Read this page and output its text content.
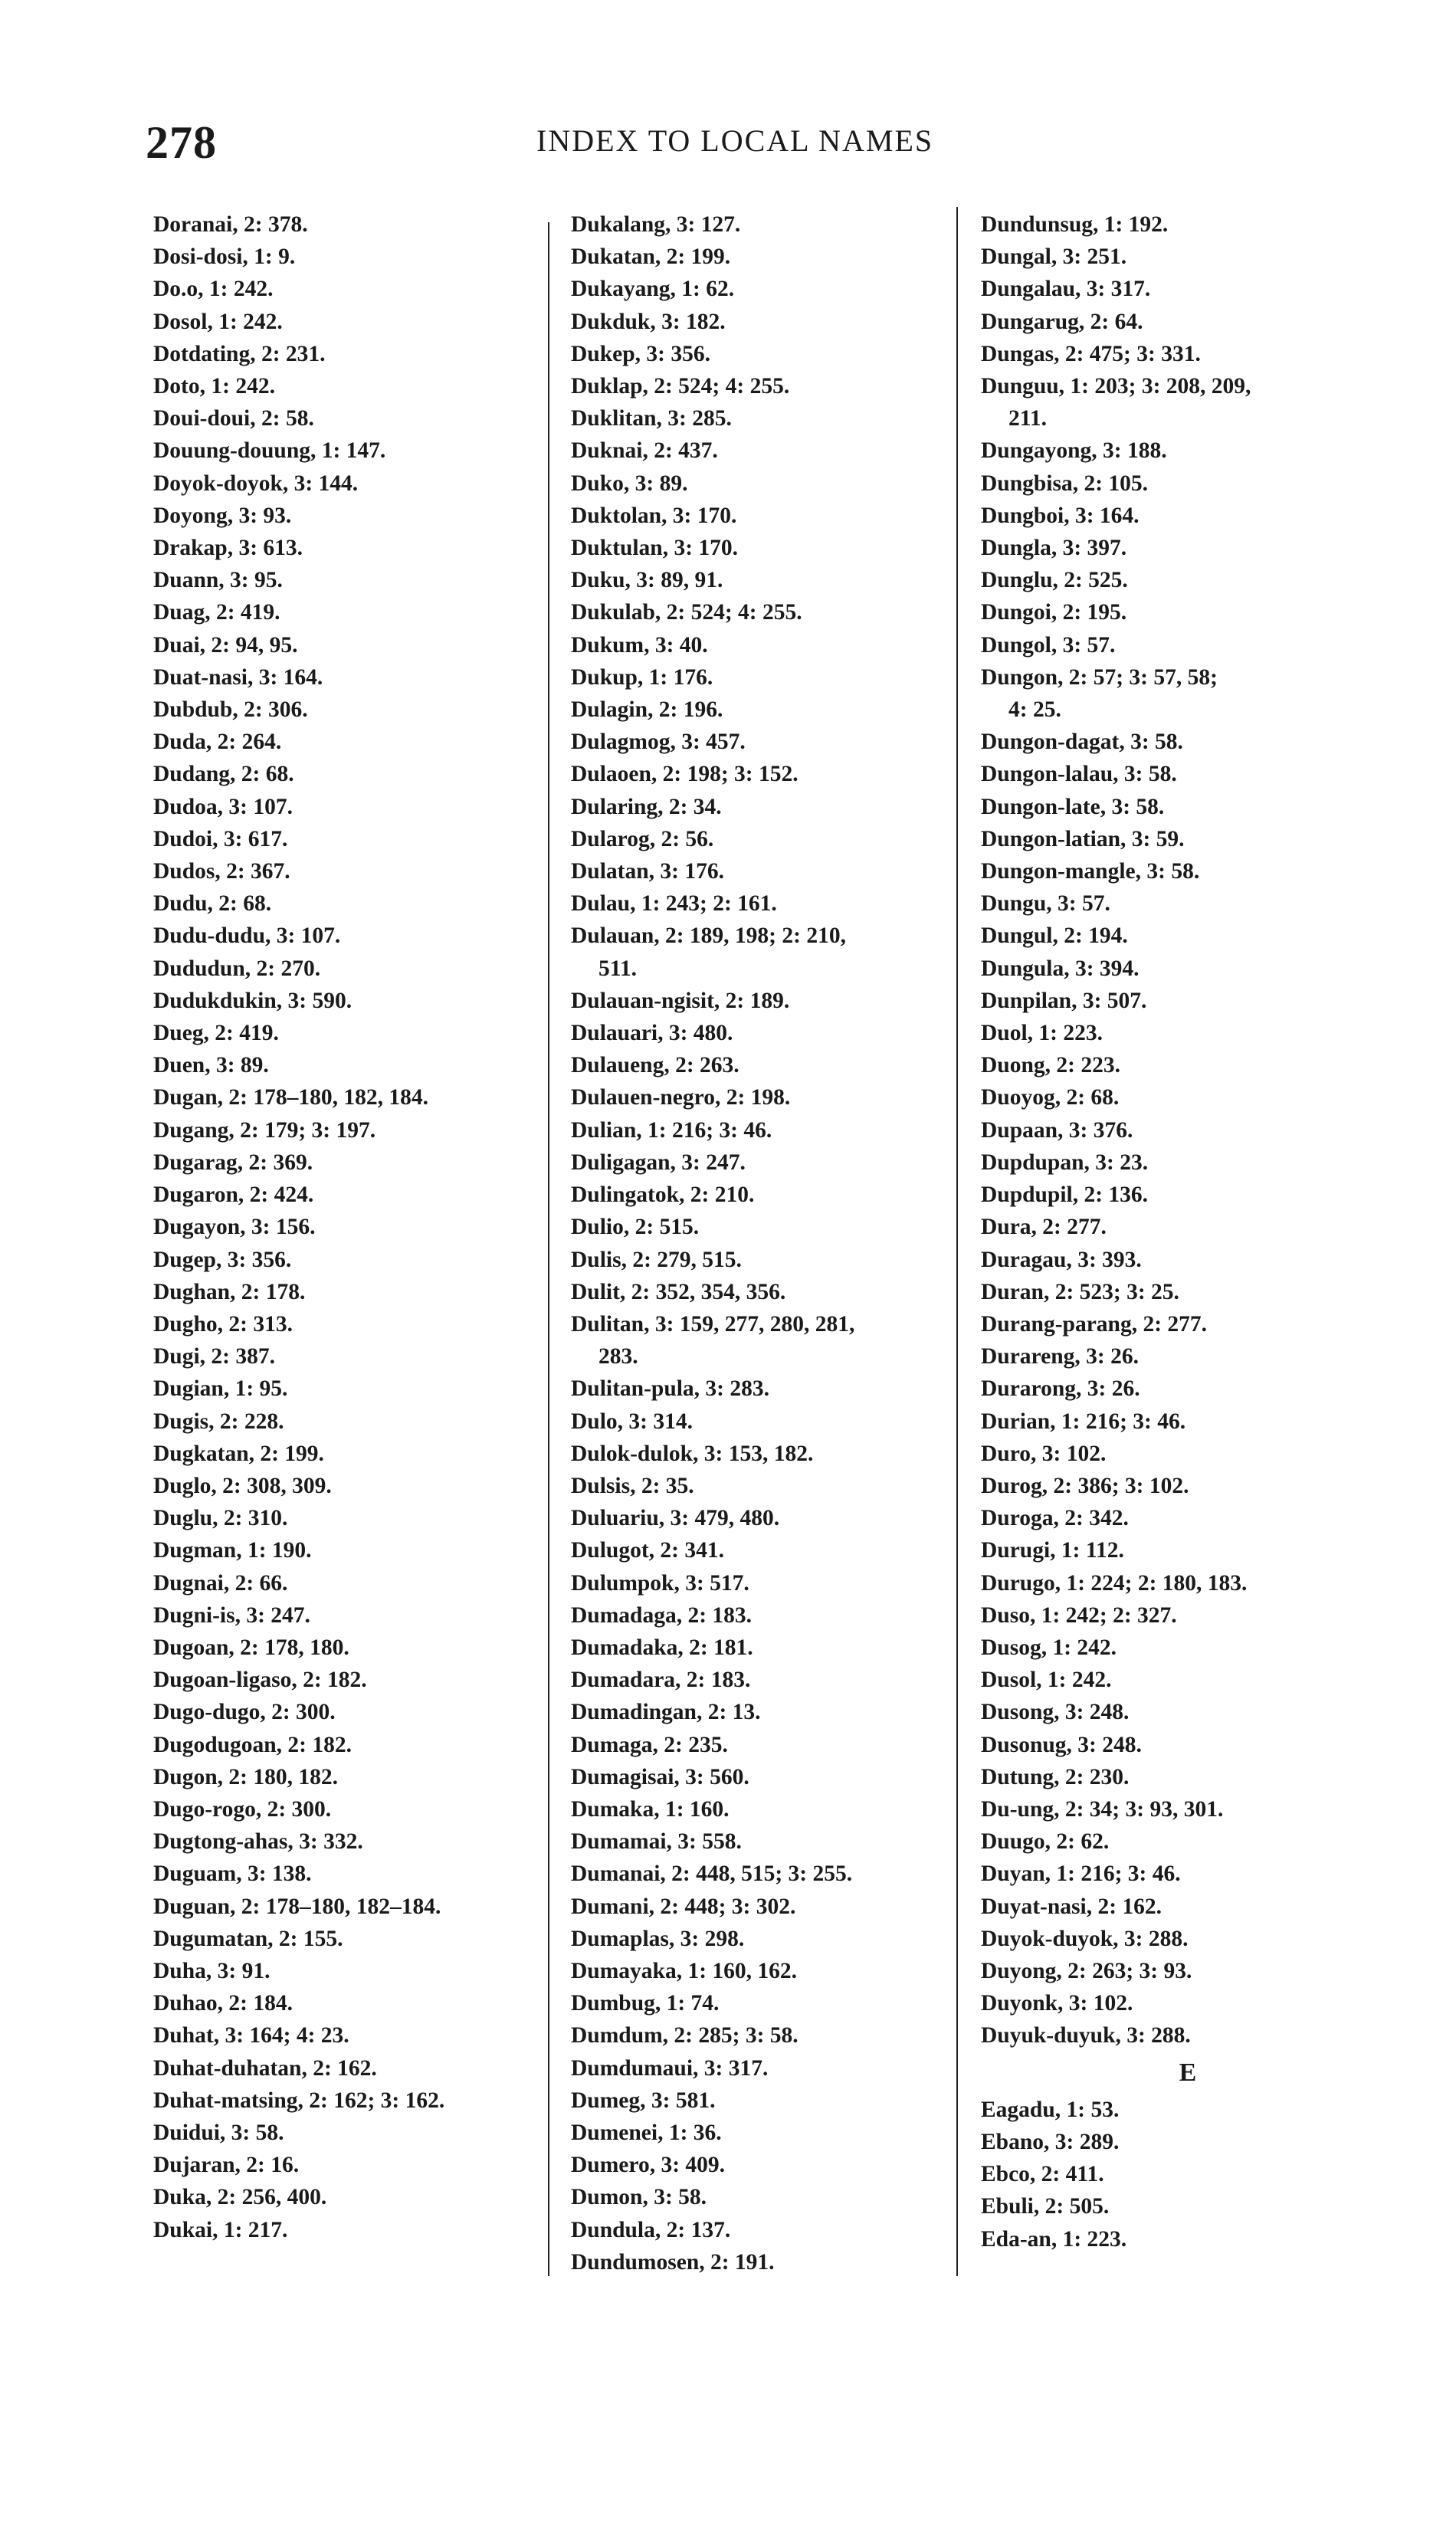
278	INDEX TO LOCAL NAMES
Doranai, 2: 378.
Dosi-dosi, 1: 9.
Do.o, 1: 242.
Dosol, 1: 242.
Dotdating, 2: 231.
Doto, 1: 242.
Doui-doui, 2: 58.
Douung-douung, 1: 147.
Doyok-doyok, 3: 144.
Doyong, 3: 93.
Drakap, 3: 613.
Duann, 3: 95.
Duag, 2: 419.
Duai, 2: 94, 95.
Duat-nasi, 3: 164.
Dubdub, 2: 306.
Duda, 2: 264.
Dudang, 2: 68.
Dudoa, 3: 107.
Dudoi, 3: 617.
Dudos, 2: 367.
Dudu, 2: 68.
Dudu-dudu, 3: 107.
Dududun, 2: 270.
Dudukdukin, 3: 590.
Dueg, 2: 419.
Duen, 3: 89.
Dugan, 2: 178–180, 182, 184.
Dugang, 2: 179; 3: 197.
Dugarag, 2: 369.
Dugaron, 2: 424.
Dugayon, 3: 156.
Dugep, 3: 356.
Dughan, 2: 178.
Dugho, 2: 313.
Dugi, 2: 387.
Dugian, 1: 95.
Dugis, 2: 228.
Dugkatan, 2: 199.
Duglo, 2: 308, 309.
Duglu, 2: 310.
Dugman, 1: 190.
Dugnai, 2: 66.
Dugni-is, 3: 247.
Dugoan, 2: 178, 180.
Dugoan-ligaso, 2: 182.
Dugo-dugo, 2: 300.
Dugodugoan, 2: 182.
Dugon, 2: 180, 182.
Dugo-rogo, 2: 300.
Dugtong-ahas, 3: 332.
Duguam, 3: 138.
Duguan, 2: 178–180, 182–184.
Dugumatan, 2: 155.
Duha, 3: 91.
Duhao, 2: 184.
Duhat, 3: 164; 4: 23.
Duhat-duhatan, 2: 162.
Duhat-matsing, 2: 162; 3: 162.
Duidui, 3: 58.
Dujaran, 2: 16.
Duka, 2: 256, 400.
Dukai, 1: 217.
Dukalang, 3: 127.
Dukatan, 2: 199.
Dukayang, 1: 62.
Dukduk, 3: 182.
Dukep, 3: 356.
Duklap, 2: 524; 4: 255.
Duklitan, 3: 285.
Duknai, 2: 437.
Duko, 3: 89.
Duktolan, 3: 170.
Duktulan, 3: 170.
Duku, 3: 89, 91.
Dukulab, 2: 524; 4: 255.
Dukum, 3: 40.
Dukup, 1: 176.
Dulagin, 2: 196.
Dulagmog, 3: 457.
Dulaoen, 2: 198; 3: 152.
Dularing, 2: 34.
Dularog, 2: 56.
Dulatan, 3: 176.
Dulau, 1: 243; 2: 161.
Dulauan, 2: 189, 198; 2: 210,
511.
Dulauan-ngisit, 2: 189.
Dulauari, 3: 480.
Dulaueng, 2: 263.
Dulauen-negro, 2: 198.
Dulian, 1: 216; 3: 46.
Duligagan, 3: 247.
Dulingatok, 2: 210.
Dulio, 2: 515.
Dulis, 2: 279, 515.
Dulit, 2: 352, 354, 356.
Dulitan, 3: 159, 277, 280, 281,
283.
Dulitan-pula, 3: 283.
Dulo, 3: 314.
Dulok-dulok, 3: 153, 182.
Dulsis, 2: 35.
Duluariu, 3: 479, 480.
Dulugot, 2: 341.
Dulumpok, 3: 517.
Dumadaga, 2: 183.
Dumadaka, 2: 181.
Dumadara, 2: 183.
Dumadingan, 2: 13.
Dumaga, 2: 235.
Dumagisai, 3: 560.
Dumaka, 1: 160.
Dumamai, 3: 558.
Dumanai, 2: 448, 515; 3: 255.
Dumani, 2: 448; 3: 302.
Dumaplas, 3: 298.
Dumayaka, 1: 160, 162.
Dumbug, 1: 74.
Dumdum, 2: 285; 3: 58.
Dumdumaui, 3: 317.
Dumeg, 3: 581.
Dumenei, 1: 36.
Dumero, 3: 409.
Dumon, 3: 58.
Dundula, 2: 137.
Dundumosen, 2: 191.
Dundunsug, 1: 192.
Dungal, 3: 251.
Dungalau, 3: 317.
Dungarug, 2: 64.
Dungas, 2: 475; 3: 331.
Dunguu, 1: 203; 3: 208, 209,
211.
Dungayong, 3: 188.
Dungbisa, 2: 105.
Dungboi, 3: 164.
Dungla, 3: 397.
Dunglu, 2: 525.
Dungoi, 2: 195.
Dungol, 3: 57.
Dungon, 2: 57; 3: 57, 58;
4: 25.
Dungon-dagat, 3: 58.
Dungon-lalau, 3: 58.
Dungon-late, 3: 58.
Dungon-latian, 3: 59.
Dungon-mangle, 3: 58.
Dungu, 3: 57.
Dungul, 2: 194.
Dungula, 3: 394.
Dunpilan, 3: 507.
Duol, 1: 223.
Duong, 2: 223.
Duoyog, 2: 68.
Dupaan, 3: 376.
Dupdupan, 3: 23.
Dupdupil, 2: 136.
Dura, 2: 277.
Duragau, 3: 393.
Duran, 2: 523; 3: 25.
Durang-parang, 2: 277.
Durareng, 3: 26.
Durarong, 3: 26.
Durian, 1: 216; 3: 46.
Duro, 3: 102.
Durog, 2: 386; 3: 102.
Duroga, 2: 342.
Durugi, 1: 112.
Durugo, 1: 224; 2: 180, 183.
Duso, 1: 242; 2: 327.
Dusog, 1: 242.
Dusol, 1: 242.
Dusong, 3: 248.
Dusonug, 3: 248.
Dutung, 2: 230.
Du-ung, 2: 34; 3: 93, 301.
Duugo, 2: 62.
Duyan, 1: 216; 3: 46.
Duyat-nasi, 2: 162.
Duyok-duyok, 3: 288.
Duyong, 2: 263; 3: 93.
Duyonk, 3: 102.
Duyuk-duyuk, 3: 288.
E
Eagadu, 1: 53.
Ebano, 3: 289.
Ebco, 2: 411.
Ebuli, 2: 505.
Eda-an, 1: 223.
